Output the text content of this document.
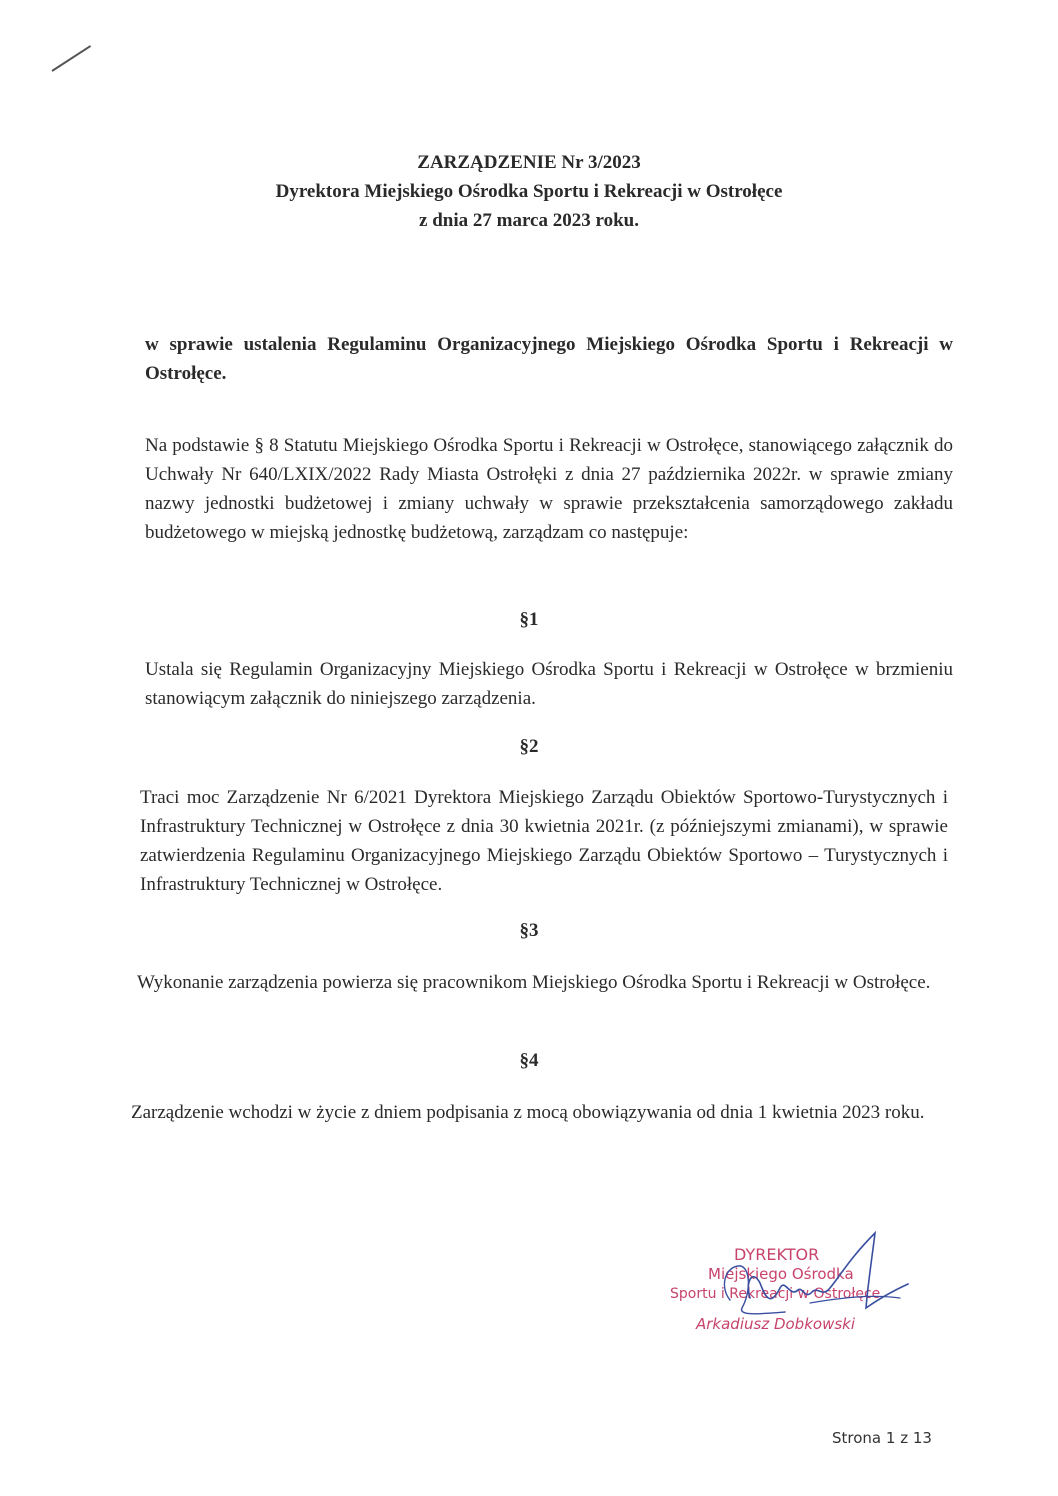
ZARZĄDZENIE Nr 3/2023
Dyrektora Miejskiego Ośrodka Sportu i Rekreacji w Ostrołęce
z dnia 27 marca 2023 roku.
w sprawie ustalenia Regulaminu Organizacyjnego Miejskiego Ośrodka Sportu i Rekreacji w Ostrołęce.
Na podstawie § 8 Statutu Miejskiego Ośrodka Sportu i Rekreacji w Ostrołęce, stanowiącego załącznik do Uchwały Nr 640/LXIX/2022 Rady Miasta Ostrołęki z dnia 27 października 2022r. w sprawie zmiany nazwy jednostki budżetowej i zmiany uchwały w sprawie przekształcenia samorządowego zakładu budżetowego w miejską jednostkę budżetową, zarządzam co następuje:
§1
Ustala się Regulamin Organizacyjny Miejskiego Ośrodka Sportu i Rekreacji w Ostrołęce w brzmieniu stanowiącym załącznik do niniejszego zarządzenia.
§2
Traci moc Zarządzenie Nr 6/2021 Dyrektora Miejskiego Zarządu Obiektów Sportowo-Turystycznych i Infrastruktury Technicznej w Ostrołęce z dnia 30 kwietnia 2021r. (z późniejszymi zmianami), w sprawie zatwierdzenia Regulaminu Organizacyjnego Miejskiego Zarządu Obiektów Sportowo – Turystycznych i Infrastruktury Technicznej w Ostrołęce.
§3
Wykonanie zarządzenia powierza się pracownikom Miejskiego Ośrodka Sportu i Rekreacji w Ostrołęce.
§4
Zarządzenie wchodzi w życie z dniem podpisania z mocą obowiązywania od dnia 1 kwietnia 2023 roku.
DYREKTOR
Miejskiego Ośrodka
Sportu i Rekreacji w Ostrołęce
Arkadiusz Dobkowski
Strona 1 z 13
